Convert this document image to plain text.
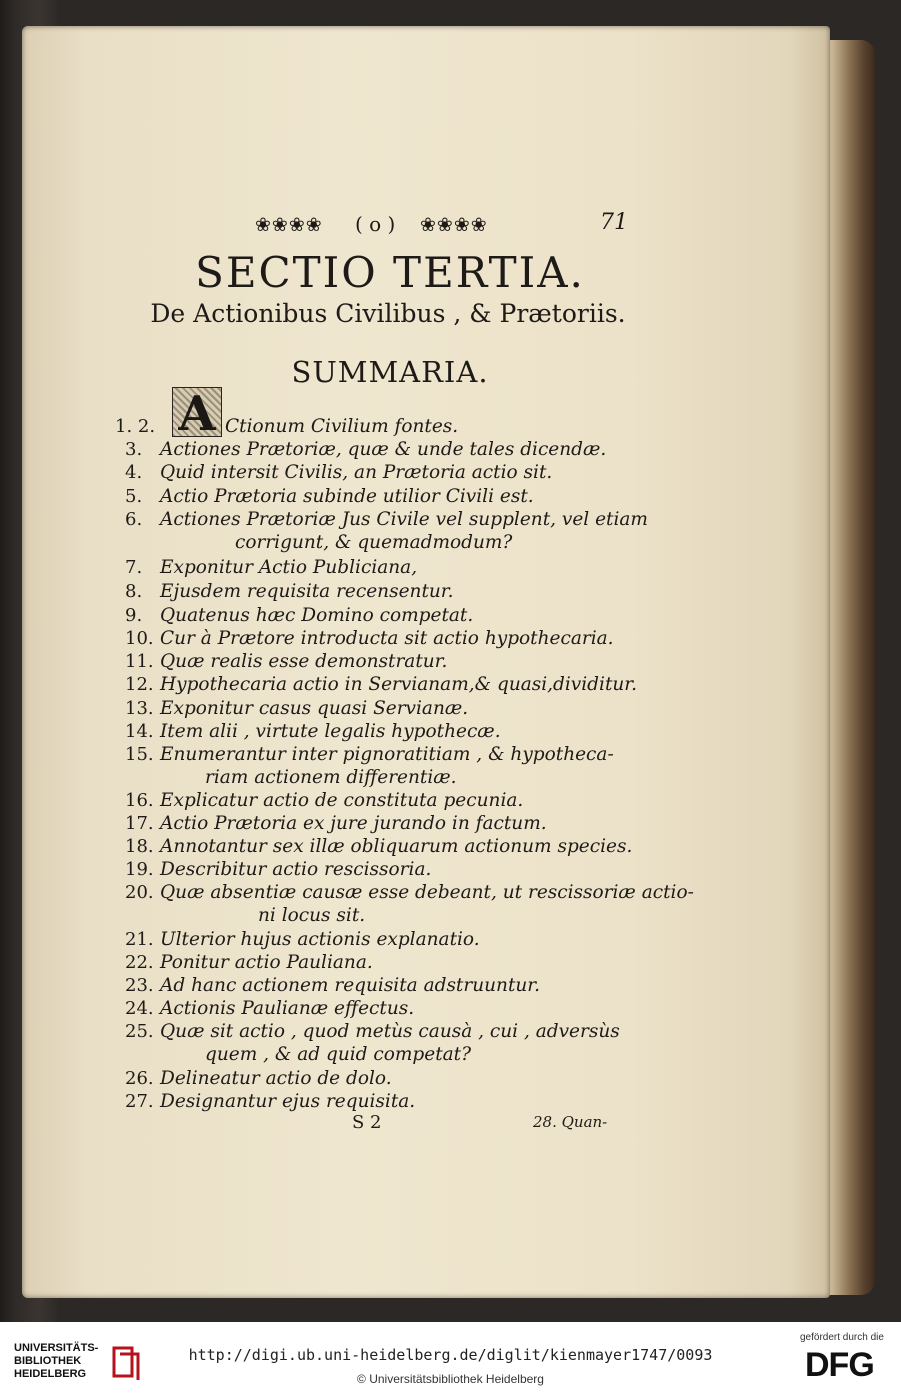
❀❀❀❀ ( o ) ❀❀❀❀	71
SECTIO TERTIA.
De Actionibus Civilibus , & Prætoriis.
SUMMARIA.
A
1. 2.	Ctionum Civilium fontes.
3. Actiones Prætoriæ, quæ & unde tales dicendæ.
4. Quid intersit Civilis, an Prætoria actio sit.
5. Actio Prætoria subinde utilior Civili est.
6. Actiones Prætoriæ Jus Civile vel supplent, vel etiam
corrigunt, & quemadmodum?
7. Exponitur Actio Publiciana,
8. Ejusdem requisita recensentur.
9. Quatenus hæc Domino competat.
10. Cur à Prætore introducta sit actio hypothecaria.
11. Quæ realis esse demonstratur.
12. Hypothecaria actio in Servianam,& quasi,dividitur.
13. Exponitur casus quasi Servianæ.
14. Item alii , virtute legalis hypothecæ.
15. Enumerantur inter pignoratitiam , & hypotheca-
riam actionem differentiæ.
16. Explicatur actio de constituta pecunia.
17. Actio Prætoria ex jure jurando in factum.
18. Annotantur sex illæ obliquarum actionum species.
19. Describitur actio rescissoria.
20. Quæ absentiæ causæ esse debeant, ut rescissoriæ actio-
ni locus sit.
21. Ulterior hujus actionis explanatio.
22. Ponitur actio Pauliana.
23. Ad hanc actionem requisita adstruuntur.
24. Actionis Paulianæ effectus.
25. Quæ sit actio , quod metùs causà , cui , adversùs
quem , & ad quid competat?
26. Delineatur actio de dolo.
27. Designantur ejus requisita.
S 2	28. Quan-
UNIVERSITÄTS-
BIBLIOTHEK
HEIDELBERG
http://digi.ub.uni-heidelberg.de/diglit/kienmayer1747/0093
© Universitätsbibliothek Heidelberg
gefördert durch die
DFG
